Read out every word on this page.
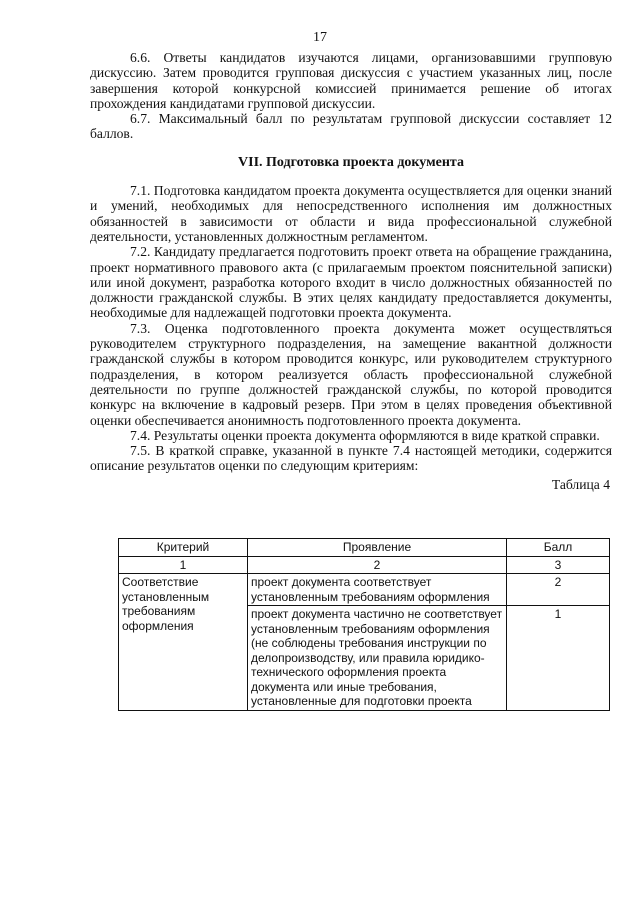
17

6.6. Ответы кандидатов изучаются лицами, организовавшими групповую дискуссию. Затем проводится групповая дискуссия с участием указанных лиц, после завершения которой конкурсной комиссией принимается решение об итогах прохождения кандидатами групповой дискуссии.

6.7. Максимальный балл по результатам групповой дискуссии составляет 12 баллов.

VII. Подготовка проекта документа

7.1. Подготовка кандидатом проекта документа осуществляется для оценки знаний и умений, необходимых для непосредственного исполнения им должностных обязанностей в зависимости от области и вида профессиональной служебной деятельности, установленных должностным регламентом.

7.2. Кандидату предлагается подготовить проект ответа на обращение гражданина, проект нормативного правового акта (с прилагаемым проектом пояснительной записки) или иной документ, разработка которого входит в число должностных обязанностей по должности гражданской службы. В этих целях кандидату предоставляется документы, необходимые для надлежащей подготовки проекта документа.

7.3. Оценка подготовленного проекта документа может осуществляться руководителем структурного подразделения, на замещение вакантной должности гражданской службы в котором проводится конкурс, или руководителем структурного подразделения, в котором реализуется область профессиональной служебной деятельности по группе должностей гражданской службы, по которой проводится конкурс на включение в кадровый резерв. При этом в целях проведения объективной оценки обеспечивается анонимность подготовленного проекта документа.

7.4. Результаты оценки проекта документа оформляются в виде краткой справки.

7.5. В краткой справке, указанной в пункте 7.4 настоящей методики, содержится описание результатов оценки по следующим критериям:

Таблица 4

Критерий	Проявление	Балл
1	2	3
Соответствие установленным требованиям оформления	проект документа соответствует установленным требованиям оформления	2
	проект документа частично не соответствует установленным требованиям оформления (не соблюдены требования инструкции по делопроизводству, или правила юридико-технического оформления проекта документа или иные требования, установленные для подготовки проекта	1
